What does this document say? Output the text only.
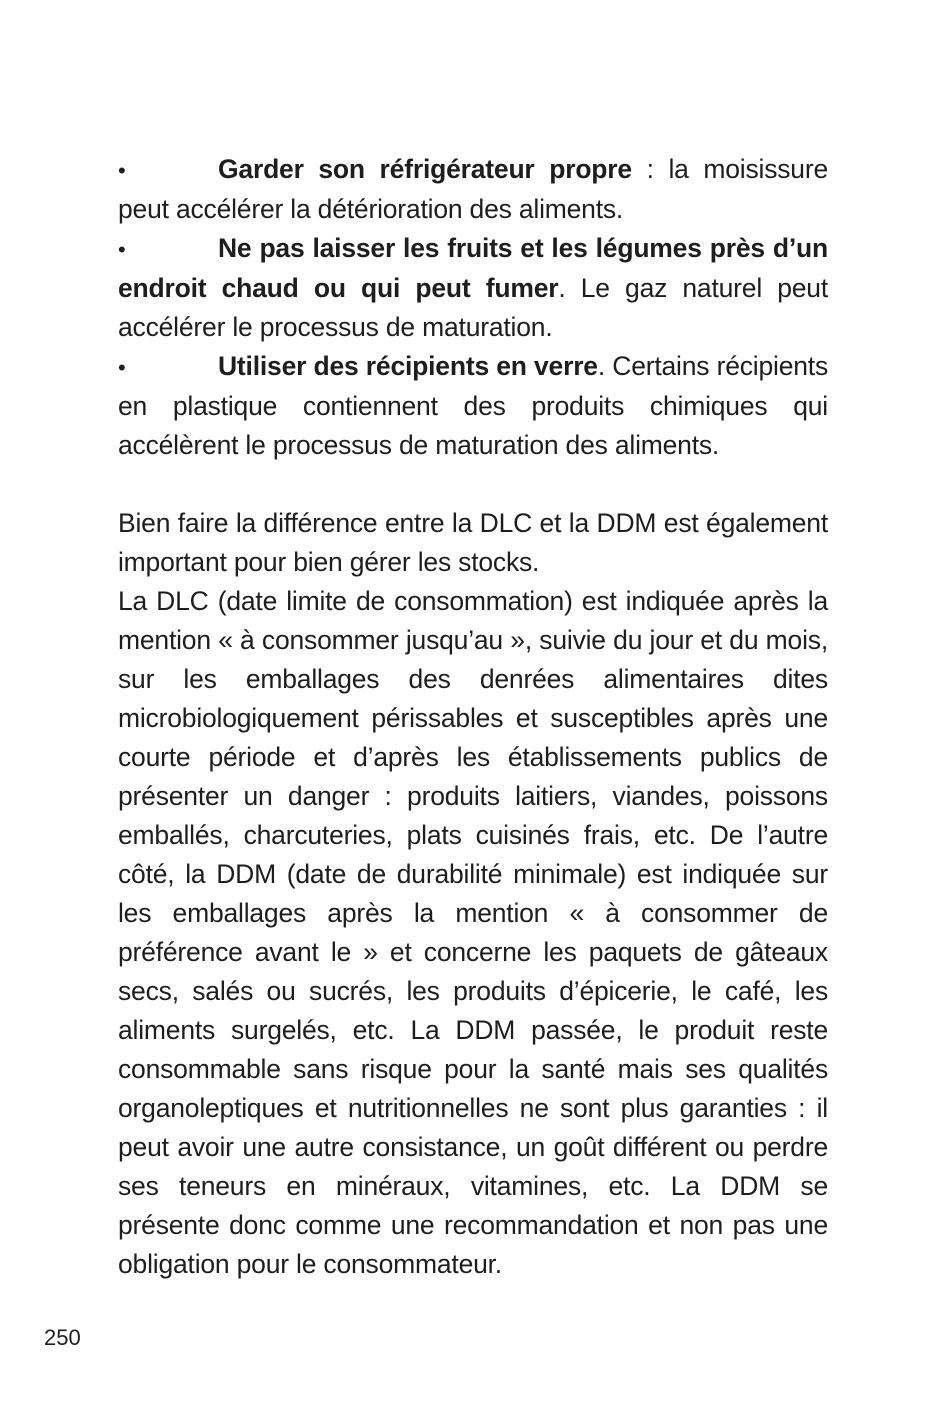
•	Garder son réfrigérateur propre : la moisissure peut accélérer la détérioration des aliments.
•	Ne pas laisser les fruits et les légumes près d’un endroit chaud ou qui peut fumer. Le gaz naturel peut accélérer le processus de maturation.
•	Utiliser des récipients en verre. Certains récipients en plastique contiennent des produits chimiques qui accélèrent le processus de maturation des aliments.

Bien faire la différence entre la DLC et la DDM est également important pour bien gérer les stocks.

La DLC (date limite de consommation) est indiquée après la mention « à consommer jusqu’au », suivie du jour et du mois, sur les emballages des denrées alimentaires dites microbiologiquement périssables et susceptibles après une courte période et d’après les établissements publics de présenter un danger : produits laitiers, viandes, poissons emballés, charcuteries, plats cuisinés frais, etc. De l’autre côté, la DDM (date de durabilité minimale) est indiquée sur les emballages après la mention « à consommer de préférence avant le » et concerne les paquets de gâteaux secs, salés ou sucrés, les produits d’épicerie, le café, les aliments surgelés, etc. La DDM passée, le produit reste consommable sans risque pour la santé mais ses qualités organoleptiques et nutritionnelles ne sont plus garanties : il peut avoir une autre consistance, un goût différent ou perdre ses teneurs en minéraux, vitamines, etc. La DDM se présente donc comme une recommandation et non pas une obligation pour le consommateur.

250
